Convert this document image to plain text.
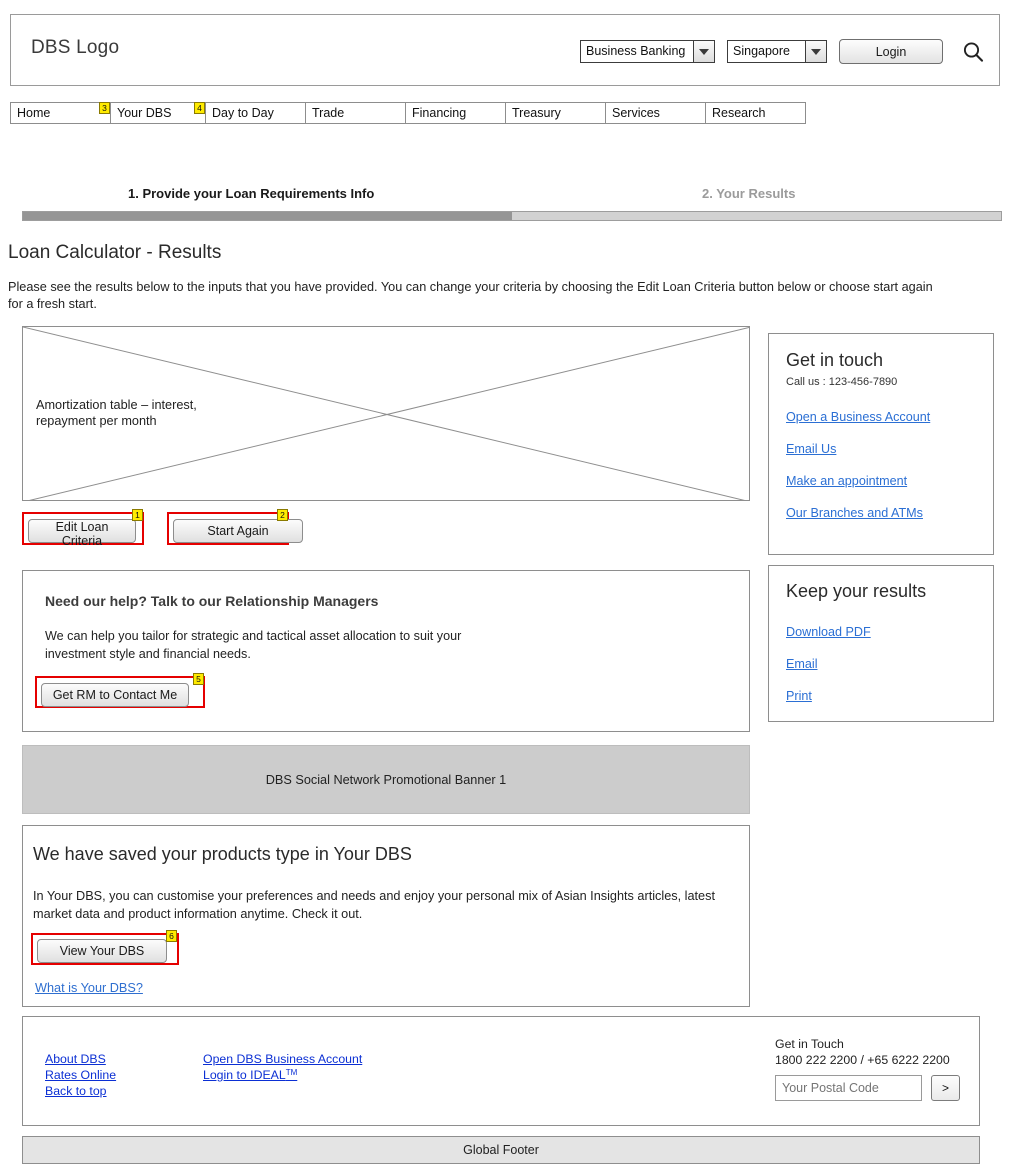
DBS Logo	Business Banking	Singapore	Login
Home	3 Your DBS	4 Day to Day	Trade	Financing	Treasury	Services	Research
1. Provide your Loan Requirements Info	2. Your Results
Loan Calculator - Results
Please see the results below to the inputs that you have provided. You can change your criteria by choosing the Edit Loan Criteria button below or choose start again for a fresh start.
Amortization table – interest,
repayment per month
Edit Loan Criteria
1
Start Again
2
Need our help? Talk to our Relationship Managers
We can help you tailor for strategic and tactical asset allocation to suit your investment style and financial needs.
Get RM to Contact Me
5
DBS Social Network Promotional Banner 1
We have saved your products type in Your DBS
In Your DBS, you can customise your preferences and needs and enjoy your personal mix of Asian Insights articles, latest market data and product information anytime. Check it out.
View Your DBS
6
What is Your DBS?
Get in touch
Call us : 123-456-7890
Open a Business Account
Email Us
Make an appointment
Our Branches and ATMs
Keep your results
Download PDF
Email
Print
About DBS
Rates Online
Back to top
Open DBS Business Account
Login to IDEAL™
Get in Touch
1800 222 2200 / +65 6222 2200
Your Postal Code
>
Global Footer
